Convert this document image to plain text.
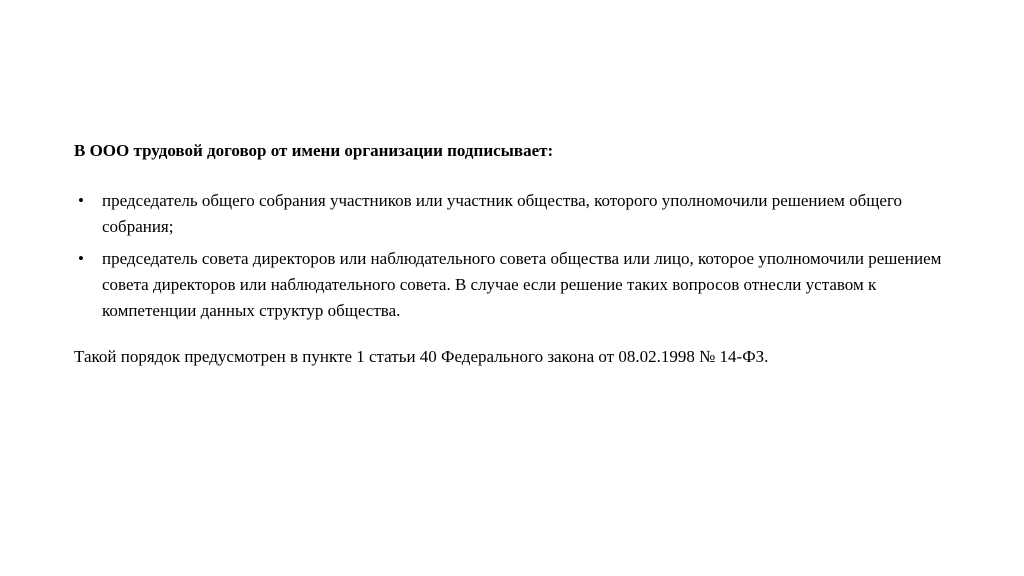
В ООО трудовой договор от имени организации подписывает:

• председатель общего собрания участников или участник общества, которого уполномочили решением общего собрания;
• председатель совета директоров или наблюдательного совета общества или лицо, которое уполномочили решением совета директоров или наблюдательного совета. В случае если решение таких вопросов отнесли уставом к компетенции данных структур общества.

Такой порядок предусмотрен в пункте 1 статьи 40 Федерального закона от 08.02.1998 № 14-ФЗ.
